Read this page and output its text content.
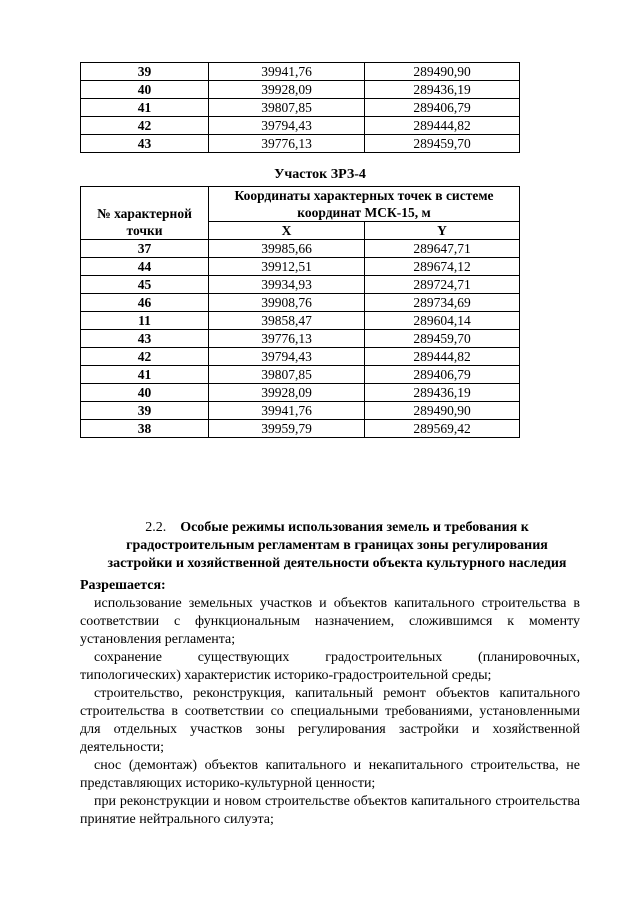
39	39941,76	289490,90
40	39928,09	289436,19
41	39807,85	289406,79
42	39794,43	289444,82
43	39776,13	289459,70
Участок ЗРЗ-4
№ характерной точки	Координаты характерных точек в системе координат МСК-15, м	
	X	Y
37	39985,66	289647,71
44	39912,51	289674,12
45	39934,93	289724,71
46	39908,76	289734,69
11	39858,47	289604,14
43	39776,13	289459,70
42	39794,43	289444,82
41	39807,85	289406,79
40	39928,09	289436,19
39	39941,76	289490,90
38	39959,79	289569,42
2.2. Особые режимы использования земель и требования к градостроительным регламентам в границах зоны регулирования застройки и хозяйственной деятельности объекта культурного наследия
Разрешается:

использование земельных участков и объектов капитального строительства в соответствии с функциональным назначением, сложившимся к моменту установления регламента;

сохранение существующих градостроительных (планировочных, типологических) характеристик историко-градостроительной среды;

строительство, реконструкция, капитальный ремонт объектов капитального строительства в соответствии со специальными требованиями, установленными для отдельных участков зоны регулирования застройки и хозяйственной деятельности;

снос (демонтаж) объектов капитального и некапитального строительства, не представляющих историко-культурной ценности;

при реконструкции и новом строительстве объектов капитального строительства принятие нейтрального силуэта;
